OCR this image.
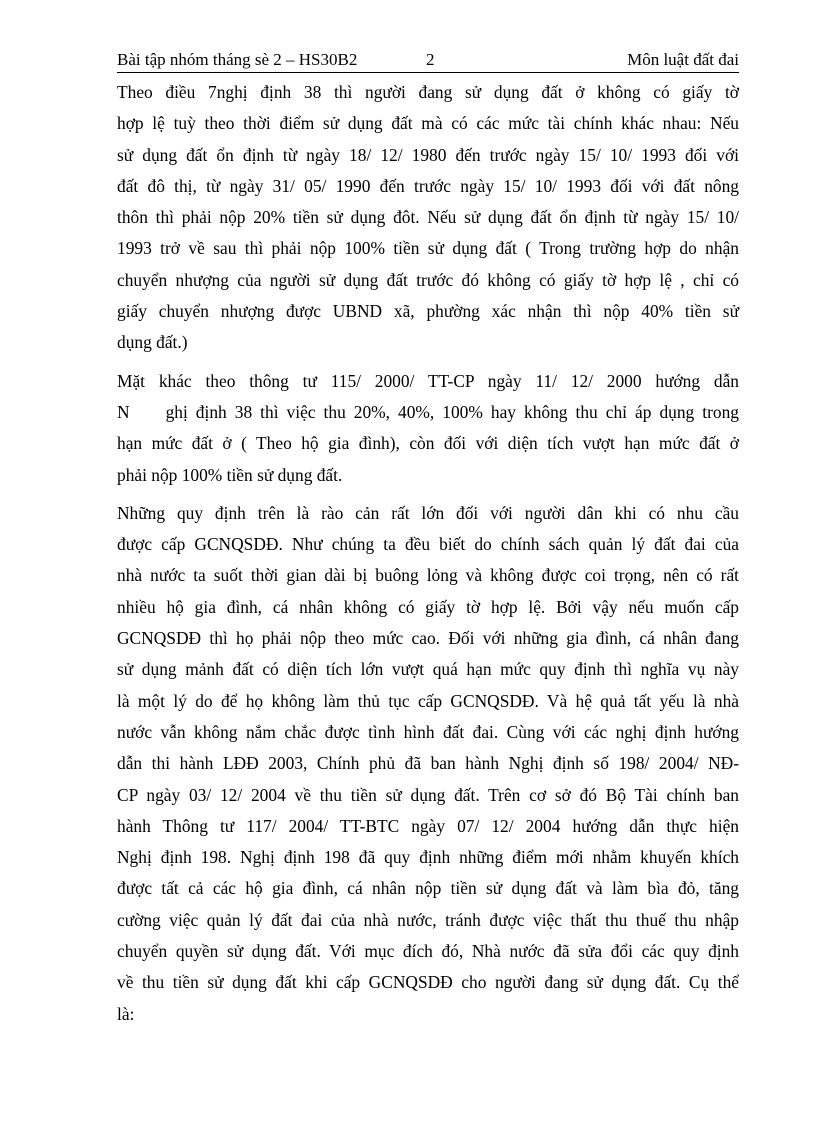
Bài tập nhóm tháng sè 2 – HS30B2	2	Môn luật đất đai
Theo điều 7nghị định 38 thì người đang sử dụng đất ở không có giấy tờ
hợp lệ tuỳ theo thời điểm sử dụng đất mà có các mức tài chính khác nhau: Nếu
sử dụng đất ổn định từ ngày 18/ 12/ 1980 đến trước ngày 15/ 10/ 1993 đối với
đất đô thị, từ ngày 31/ 05/ 1990 đến trước ngày 15/ 10/ 1993 đối với đất nông
thôn thì phải nộp 20% tiền sử dụng đôt. Nếu sử dụng đất ổn định từ ngày 15/ 10/
1993 trở về sau thì phải nộp 100% tiền sử dụng đất ( Trong trường hợp do nhận
chuyển nhượng của người sử dụng đất trước đó không có giấy tờ hợp lệ , chỉ có
giấy chuyển nhượng được UBND xã, phường xác nhận thì nộp 40% tiền sử
dụng đất.)
Mặt khác theo thông tư 115/ 2000/ TT-CP ngày 11/ 12/ 2000 hướng dẫn
N ghị định 38 thì việc thu 20%, 40%, 100% hay không thu chỉ áp dụng trong
hạn mức đất ở ( Theo hộ gia đình), còn đối với diện tích vượt hạn mức đất ở
phải nộp 100% tiền sử dụng đất.
Những quy định trên là rào cản rất lớn đối với người dân khi có nhu cầu
được cấp GCNQSDĐ. Như chúng ta đều biết do chính sách quản lý đất đai của
nhà nước ta suốt thời gian dài bị buông lỏng và không được coi trọng, nên có rất
nhiều hộ gia đình, cá nhân không có giấy tờ hợp lệ. Bởi vậy nếu muốn cấp
GCNQSDĐ thì họ phải nộp theo mức cao. Đối với những gia đình, cá nhân đang
sử dụng mảnh đất có diện tích lớn vượt quá hạn mức quy định thì nghĩa vụ này
là một lý do để họ không làm thủ tục cấp GCNQSDĐ. Và hệ quả tất yếu là nhà
nước vẫn không nắm chắc được tình hình đất đai. Cùng với các nghị định hướng
dẫn thi hành LĐĐ 2003, Chính phủ đã ban hành Nghị định số 198/ 2004/ NĐ-
CP ngày 03/ 12/ 2004 về thu tiền sử dụng đất. Trên cơ sở đó Bộ Tài chính ban
hành Thông tư 117/ 2004/ TT-BTC ngày 07/ 12/ 2004 hướng dẫn thực hiện
Nghị định 198. Nghị định 198 đã quy định những điểm mới nhằm khuyến khích
được tất cả các hộ gia đình, cá nhân nộp tiền sử dụng đất và làm bìa đỏ, tăng
cường việc quản lý đất đai của nhà nước, tránh được việc thất thu thuế thu nhập
chuyển quyền sử dụng đất. Với mục đích đó, Nhà nước đã sửa đổi các quy định
về thu tiền sử dụng đất khi cấp GCNQSDĐ cho người đang sử dụng đất. Cụ thể
là:
